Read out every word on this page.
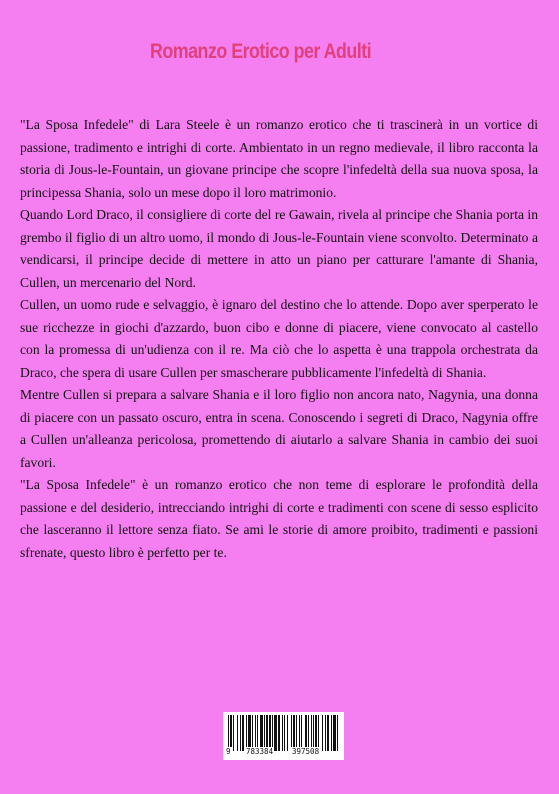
Romanzo Erotico per Adulti

"La Sposa Infedele" di Lara Steele è un romanzo erotico che ti trascinerà in un vortice di passione, tradimento e intrighi di corte. Ambientato in un regno medievale, il libro racconta la storia di Jous-le-Fountain, un giovane principe che scopre l'infedeltà della sua nuova sposa, la principessa Shania, solo un mese dopo il loro matrimonio.

Quando Lord Draco, il consigliere di corte del re Gawain, rivela al principe che Shania porta in grembo il figlio di un altro uomo, il mondo di Jous-le-Fountain viene sconvolto. Determinato a vendicarsi, il principe decide di mettere in atto un piano per catturare l'amante di Shania, Cullen, un mercenario del Nord.

Cullen, un uomo rude e selvaggio, è ignaro del destino che lo attende. Dopo aver sperperato le sue ricchezze in giochi d'azzardo, buon cibo e donne di piacere, viene convocato al castello con la promessa di un'udienza con il re. Ma ciò che lo aspetta è una trappola orchestrata da Draco, che spera di usare Cullen per smascherare pubblicamente l'infedeltà di Shania.

Mentre Cullen si prepara a salvare Shania e il loro figlio non ancora nato, Nagynia, una donna di piacere con un passato oscuro, entra in scena. Conoscendo i segreti di Draco, Nagynia offre a Cullen un'alleanza pericolosa, promettendo di aiutarlo a salvare Shania in cambio dei suoi favori.

"La Sposa Infedele" è un romanzo erotico che non teme di esplorare le profondità della passione e del desiderio, intrecciando intrighi di corte e tradimenti con scene di sesso esplicito che lasceranno il lettore senza fiato. Se ami le storie di amore proibito, tradimenti e passioni sfrenate, questo libro è perfetto per te.

9 783384	397508
